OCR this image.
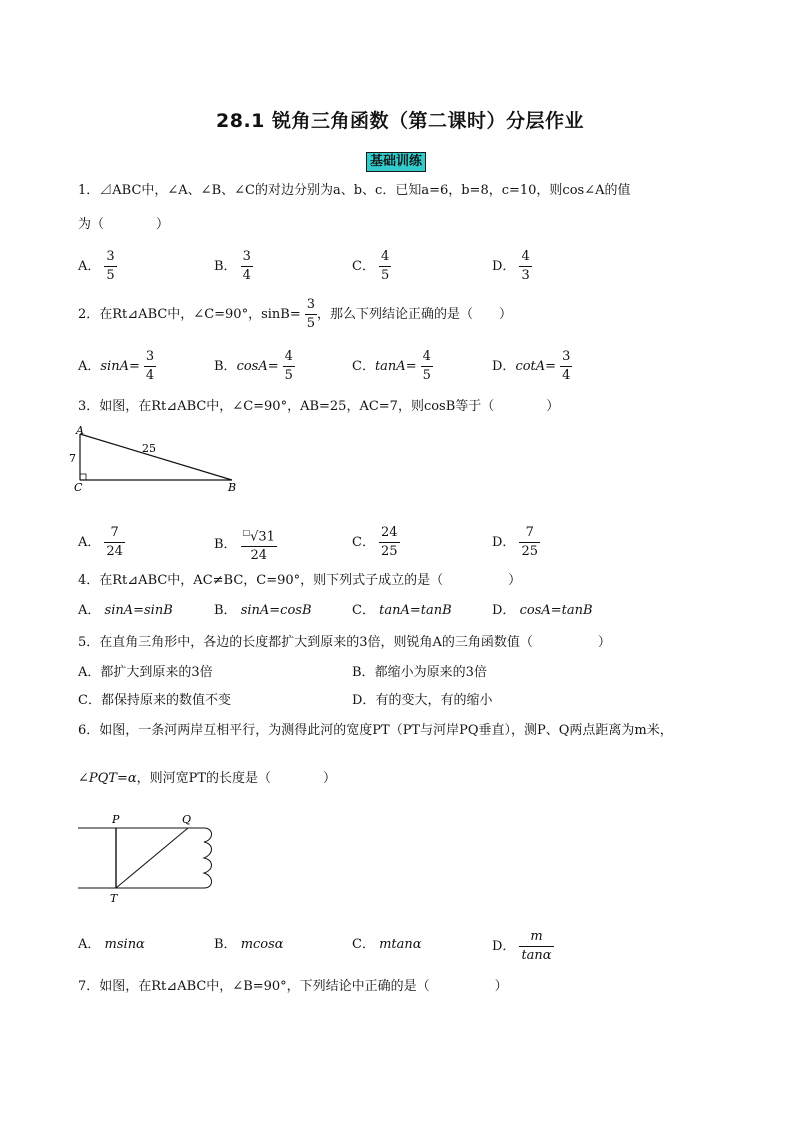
28.1 锐角三角函数（第二课时）分层作业
基础训练
1．⊿ABC中，∠A、∠B、∠C的对边分别为a、b、c．已知a=6，b=8，c=10，则cos∠A的值
为（　　　　）
A． $\frac{3}{5}$	B． $\frac{3}{4}$	C． $\frac{4}{5}$	D． $\frac{4}{3}$
2．在Rt⊿ABC中，∠C=90°，$\sin B= \frac{3}{5}$ ，那么下列结论正确的是（　　）
A．$\sin A= \frac{3}{4}$	B．$\cos A= \frac{4}{5}$	C．$\tan A= \frac{4}{5}$	D．$\cot A= \frac{3}{4}$
3．如图，在Rt⊿ABC中，∠C=90°，AB=25，AC=7，则cosB等于（　　　　）
A
C	B
7
25
A． $\frac{7}{24}$	B． $\frac{^□√31}{24}$	C． $\frac{24}{25}$	D． $\frac{7}{25}$
4．在Rt⊿ABC中，AC≠BC，C=90°，则下列式子成立的是（　　　　　）
A． sinA=sinB	B． sinA=cosB	C． tanA=tanB	D． cosA=tanB
5．在直角三角形中，各边的长度都扩大到原来的3倍，则锐角A的三角函数值（　　　　　）
A．都扩大到原来的3倍	B．都缩小为原来的3倍
C．都保持原来的数值不变	D．有的变大，有的缩小
6．如图，一条河两岸互相平行，为测得此河的宽度PT（PT与河岸PQ垂直），测P、Q两点距离为m米，
∠PQT=α，则河宽PT的长度是（　　　　）
P	Q
T
A． msinα	B． mcosα	C． mtanα	D． $\frac{m}{\tan\alpha}$
7．如图，在Rt⊿ABC中，∠B=90°，下列结论中正确的是（　　　　　）
